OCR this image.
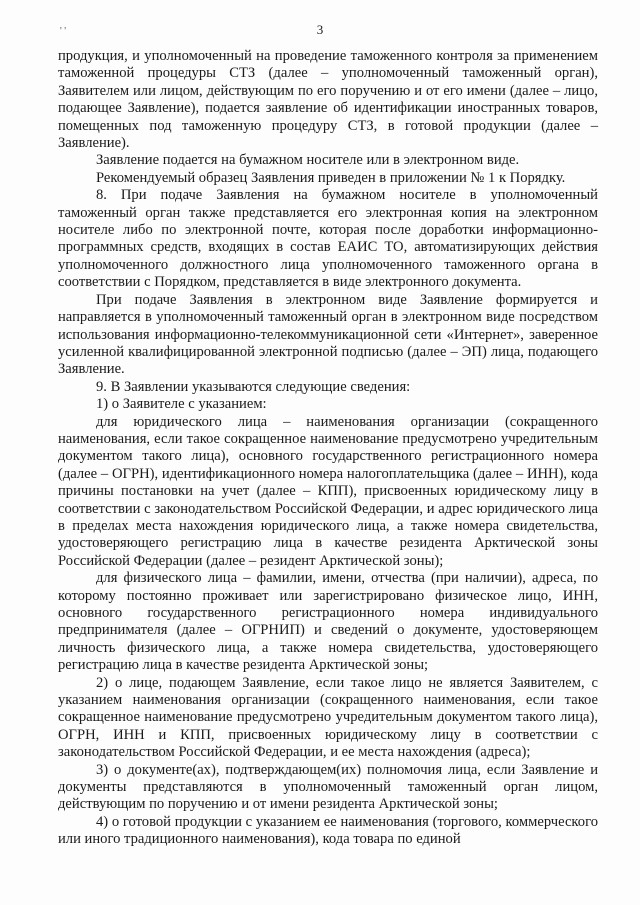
' '	3

продукция, и уполномоченный на проведение таможенного контроля за применением таможенной процедуры СТЗ (далее – уполномоченный таможенный орган), Заявителем или лицом, действующим по его поручению и от его имени (далее – лицо, подающее Заявление), подается заявление об идентификации иностранных товаров, помещенных под таможенную процедуру СТЗ, в готовой продукции (далее – Заявление).

Заявление подается на бумажном носителе или в электронном виде.

Рекомендуемый образец Заявления приведен в приложении № 1 к Порядку.

8. При подаче Заявления на бумажном носителе в уполномоченный таможенный орган также представляется его электронная копия на электронном носителе либо по электронной почте, которая после доработки информационно-программных средств, входящих в состав ЕАИС ТО, автоматизирующих действия уполномоченного должностного лица уполномоченного таможенного органа в соответствии с Порядком, представляется в виде электронного документа.

При подаче Заявления в электронном виде Заявление формируется и направляется в уполномоченный таможенный орган в электронном виде посредством использования информационно-телекоммуникационной сети «Интернет», заверенное усиленной квалифицированной электронной подписью (далее – ЭП) лица, подающего Заявление.

9. В Заявлении указываются следующие сведения:

1) о Заявителе с указанием:

для юридического лица – наименования организации (сокращенного наименования, если такое сокращенное наименование предусмотрено учредительным документом такого лица), основного государственного регистрационного номера (далее – ОГРН), идентификационного номера налогоплательщика (далее – ИНН), кода причины постановки на учет (далее – КПП), присвоенных юридическому лицу в соответствии с законодательством Российской Федерации, и адрес юридического лица в пределах места нахождения юридического лица, а также номера свидетельства, удостоверяющего регистрацию лица в качестве резидента Арктической зоны Российской Федерации (далее – резидент Арктической зоны);

для физического лица – фамилии, имени, отчества (при наличии), адреса, по которому постоянно проживает или зарегистрировано физическое лицо, ИНН, основного государственного регистрационного номера индивидуального предпринимателя (далее – ОГРНИП) и сведений о документе, удостоверяющем личность физического лица, а также номера свидетельства, удостоверяющего регистрацию лица в качестве резидента Арктической зоны;

2) о лице, подающем Заявление, если такое лицо не является Заявителем, с указанием наименования организации (сокращенного наименования, если такое сокращенное наименование предусмотрено учредительным документом такого лица), ОГРН, ИНН и КПП, присвоенных юридическому лицу в соответствии с законодательством Российской Федерации, и ее места нахождения (адреса);

3) о документе(ах), подтверждающем(их) полномочия лица, если Заявление и документы представляются в уполномоченный таможенный орган лицом, действующим по поручению и от имени резидента Арктической зоны;

4) о готовой продукции с указанием ее наименования (торгового, коммерческого или иного традиционного наименования), кода товара по единой
